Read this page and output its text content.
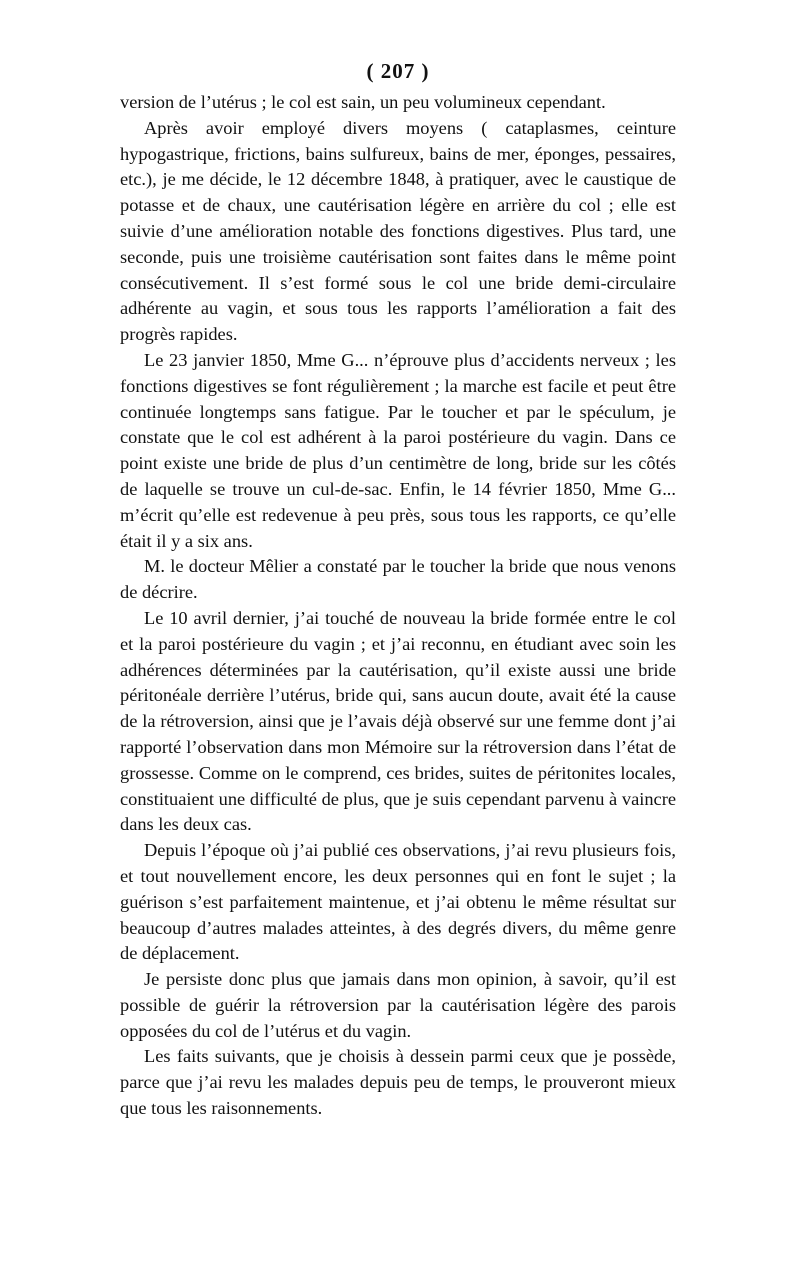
( 207 )

version de l’utérus ; le col est sain, un peu volumineux cependant.

Après avoir employé divers moyens ( cataplasmes, ceinture hypogastrique, frictions, bains sulfureux, bains de mer, éponges, pessaires, etc.), je me décide, le 12 décembre 1848, à pratiquer, avec le caustique de potasse et de chaux, une cautérisation légère en arrière du col ; elle est suivie d’une amélioration notable des fonctions digestives. Plus tard, une seconde, puis une troisième cautérisation sont faites dans le même point consécutivement. Il s’est formé sous le col une bride demi-circulaire adhérente au vagin, et sous tous les rapports l’amélioration a fait des progrès rapides.

Le 23 janvier 1850, Mme G... n’éprouve plus d’accidents nerveux ; les fonctions digestives se font régulièrement ; la marche est facile et peut être continuée longtemps sans fatigue. Par le toucher et par le spéculum, je constate que le col est adhérent à la paroi postérieure du vagin. Dans ce point existe une bride de plus d’un centimètre de long, bride sur les côtés de laquelle se trouve un cul-de-sac. Enfin, le 14 février 1850, Mme G... m’écrit qu’elle est redevenue à peu près, sous tous les rapports, ce qu’elle était il y a six ans.

M. le docteur Mêlier a constaté par le toucher la bride que nous venons de décrire.

Le 10 avril dernier, j’ai touché de nouveau la bride formée entre le col et la paroi postérieure du vagin ; et j’ai reconnu, en étudiant avec soin les adhérences déterminées par la cautérisation, qu’il existe aussi une bride péritonéale derrière l’utérus, bride qui, sans aucun doute, avait été la cause de la rétroversion, ainsi que je l’avais déjà observé sur une femme dont j’ai rapporté l’observation dans mon Mémoire sur la rétroversion dans l’état de grossesse. Comme on le comprend, ces brides, suites de péritonites locales, constituaient une difficulté de plus, que je suis cependant parvenu à vaincre dans les deux cas.

Depuis l’époque où j’ai publié ces observations, j’ai revu plusieurs fois, et tout nouvellement encore, les deux personnes qui en font le sujet ; la guérison s’est parfaitement maintenue, et j’ai obtenu le même résultat sur beaucoup d’autres malades atteintes, à des degrés divers, du même genre de déplacement.

Je persiste donc plus que jamais dans mon opinion, à savoir, qu’il est possible de guérir la rétroversion par la cautérisation légère des parois opposées du col de l’utérus et du vagin.

Les faits suivants, que je choisis à dessein parmi ceux que je possède, parce que j’ai revu les malades depuis peu de temps, le prouveront mieux que tous les raisonnements.
